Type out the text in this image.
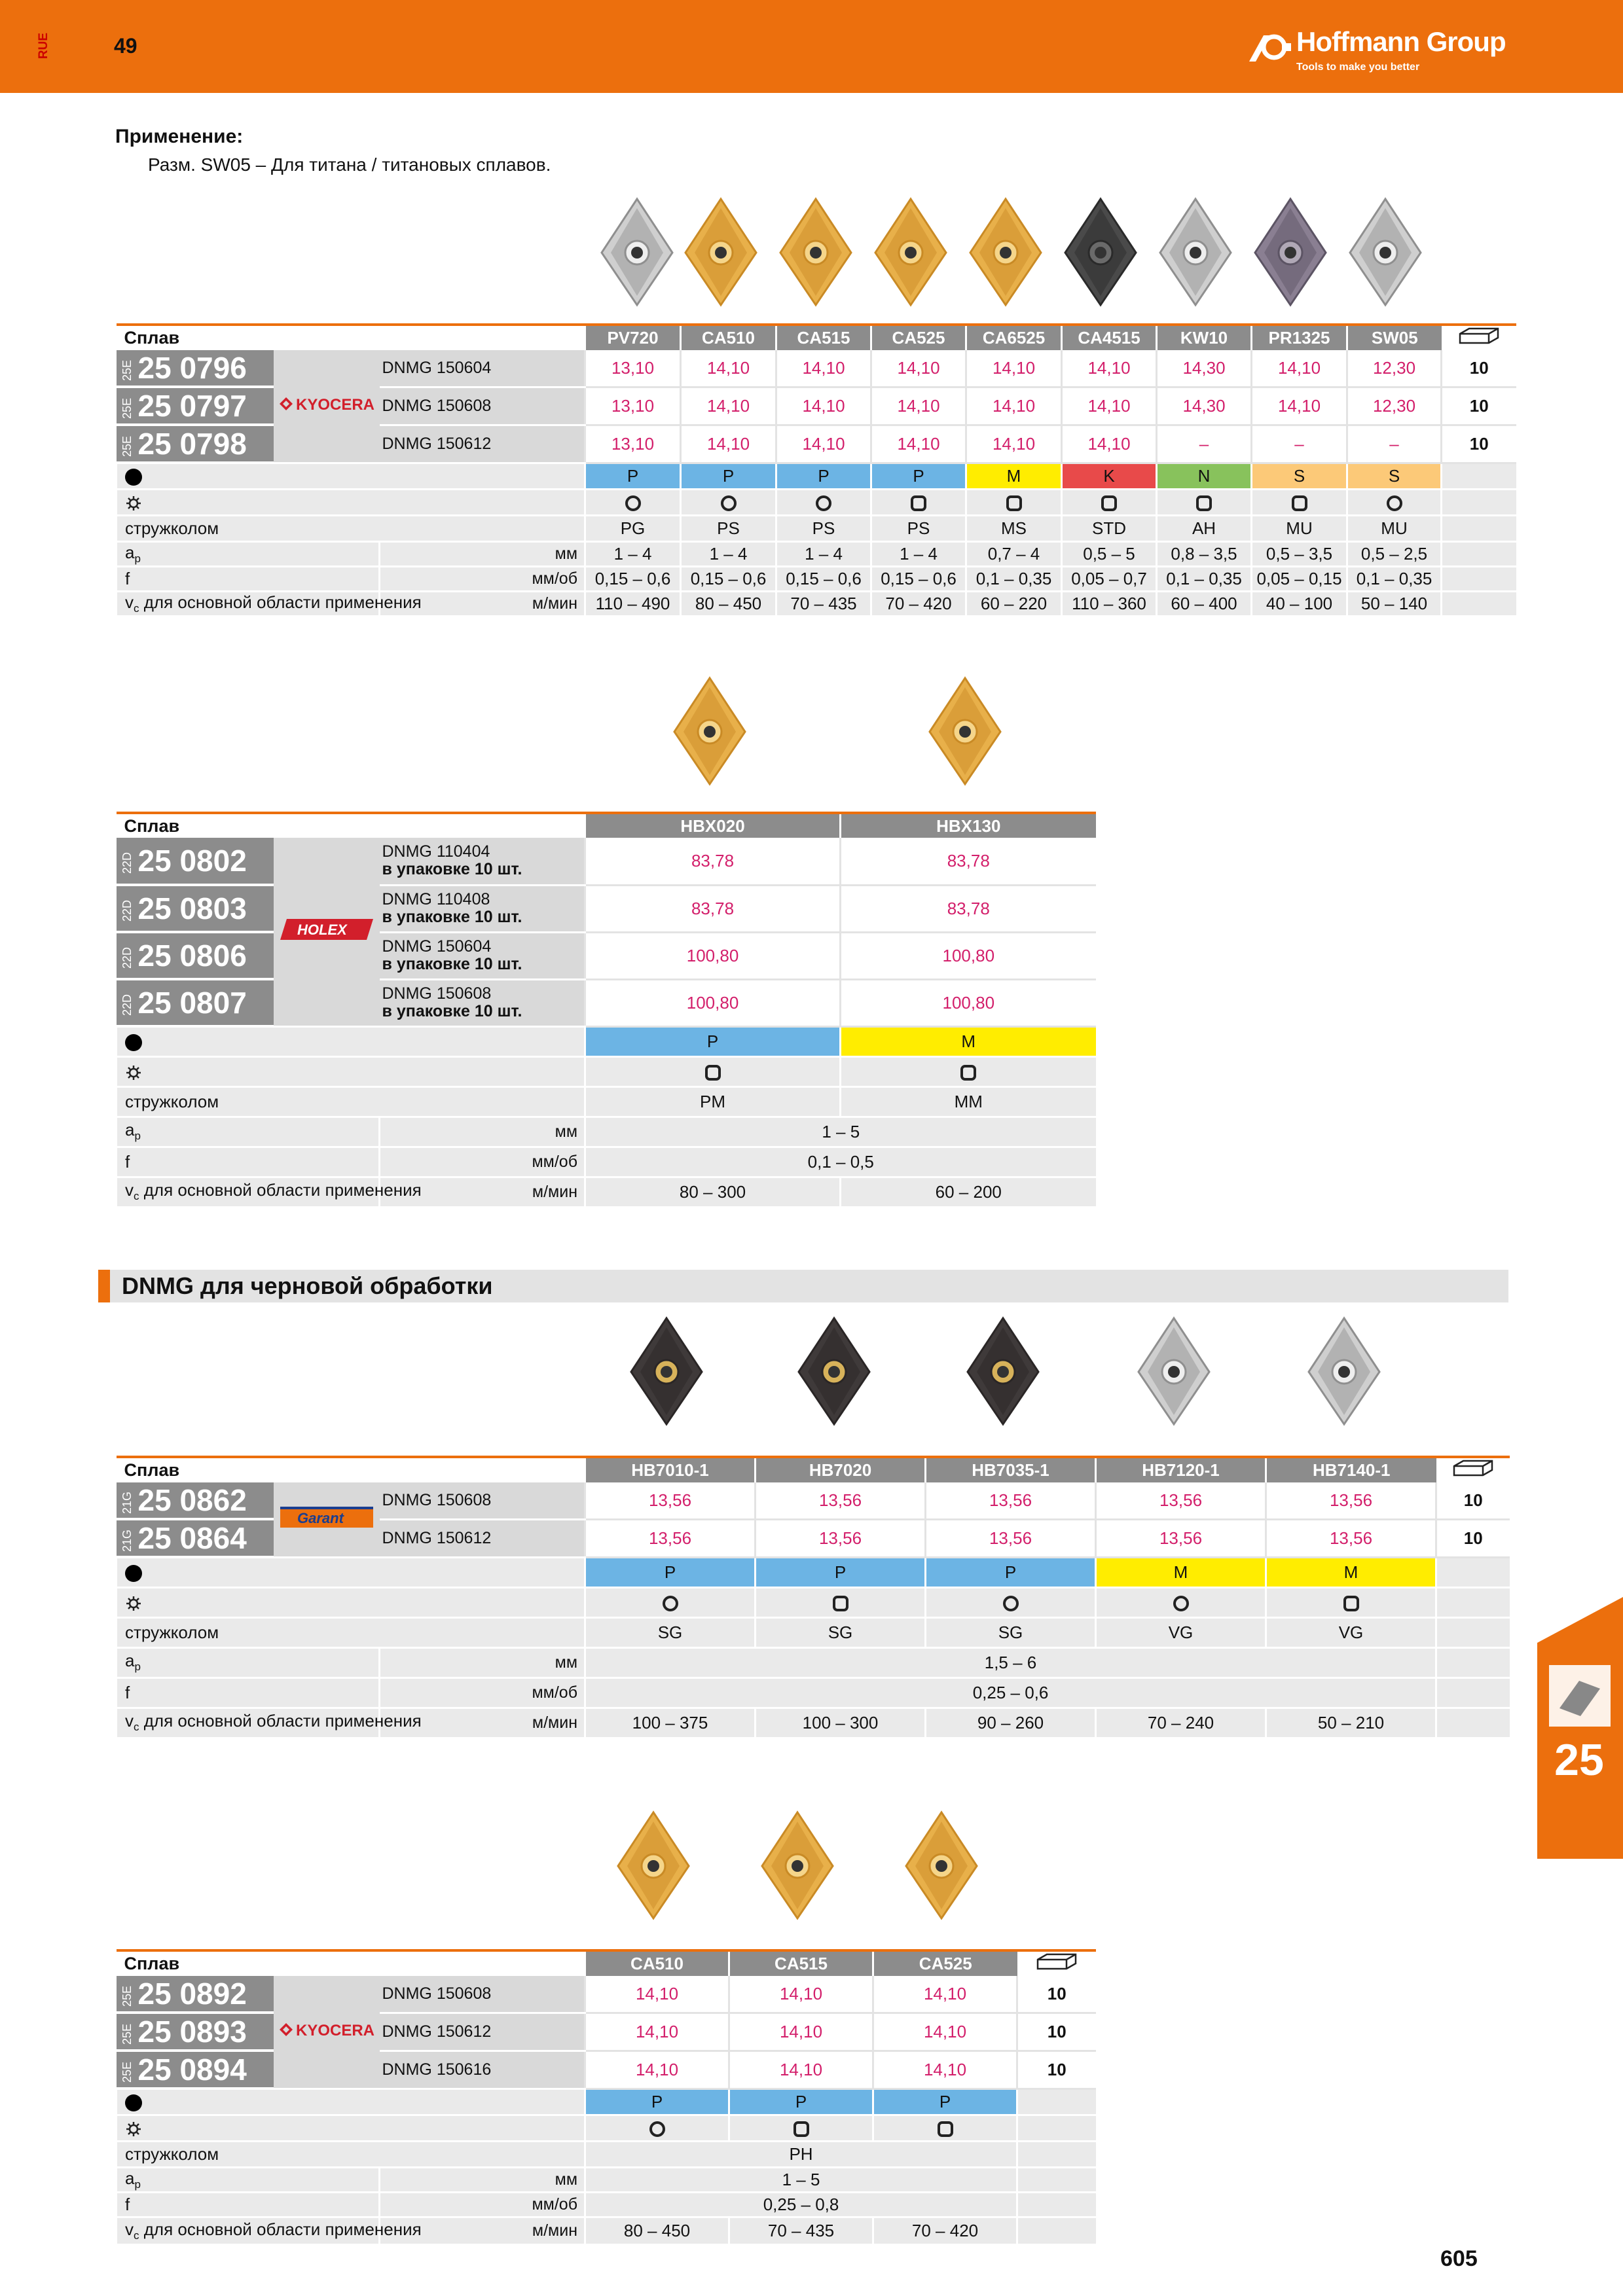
RUE	49	Hoffmann Group
Tools to make you better
Применение:
Разм. SW05 – Для титана / титановых сплавов.
Сплав			PV720	CA510	CA515	CA525	CA6525	CA4515	KW10	PR1325	SW05	
25E 25 0796	KYOCERA	DNMG 150604	13,10	14,10	14,10	14,10	14,10	14,10	14,30	14,10	12,30	10
25E 25 0797		DNMG 150608	13,10	14,10	14,10	14,10	14,10	14,10	14,30	14,10	12,30	10
25E 25 0798		DNMG 150612	13,10	14,10	14,10	14,10	14,10	14,10	–	–	–	10
			P	P	P	P	M	K	N	S	S	

стружколом			PG	PS	PS	PS	MS	STD	AH	MU	MU	
$a_p$		мм	1 – 4	1 – 4	1 – 4	1 – 4	0,7 – 4	0,5 – 5	0,8 – 3,5	0,5 – 3,5	0,5 – 2,5	
f		мм/об	0,15 – 0,6	0,15 – 0,6	0,15 – 0,6	0,15 – 0,6	0,1 – 0,35	0,05 – 0,7	0,1 – 0,35	0,05 – 0,15	0,1 – 0,35	
$v_c$ для основной области применения		м/мин	110 – 490	80 – 450	70 – 435	70 – 420	60 – 220	110 – 360	60 – 400	40 – 100	50 – 140	
Сплав			HBX020	HBX130
22D 25 0802	HOLEX	DNMG 110404
в упаковке 10 шт.	83,78	83,78
22D 25 0803		DNMG 110408
в упаковке 10 шт.	83,78	83,78
22D 25 0806		DNMG 150604
в упаковке 10 шт.	100,80	100,80
22D 25 0807		DNMG 150608
в упаковке 10 шт.	100,80	100,80
			P	M

стружколом			PM	MM
$a_p$		мм	1 – 5	
f		мм/об	0,1 – 0,5	
$v_c$ для основной области применения		м/мин	80 – 300	60 – 200
DNMG для черновой обработки
Сплав			HB7010-1	HB7020	HB7035-1	HB7120-1	HB7140-1	
21G 25 0862	Garant	DNMG 150608	13,56	13,56	13,56	13,56	13,56	10
21G 25 0864		DNMG 150612	13,56	13,56	13,56	13,56	13,56	10
			P	P	P	M	M	

стружколом			SG	SG	SG	VG	VG	
$a_p$		мм	1,5 – 6					
f		мм/об	0,25 – 0,6					
$v_c$ для основной области применения		м/мин	100 – 375	100 – 300	90 – 260	70 – 240	50 – 210	
Сплав			CA510	CA515	CA525	
25E 25 0892	KYOCERA	DNMG 150608	14,10	14,10	14,10	10
25E 25 0893		DNMG 150612	14,10	14,10	14,10	10
25E 25 0894		DNMG 150616	14,10	14,10	14,10	10
			P	P	P	

стружколом			PH			
$a_p$		мм	1 – 5			
f		мм/об	0,25 – 0,8			
$v_c$ для основной области применения		м/мин	80 – 450	70 – 435	70 – 420	
25
605
